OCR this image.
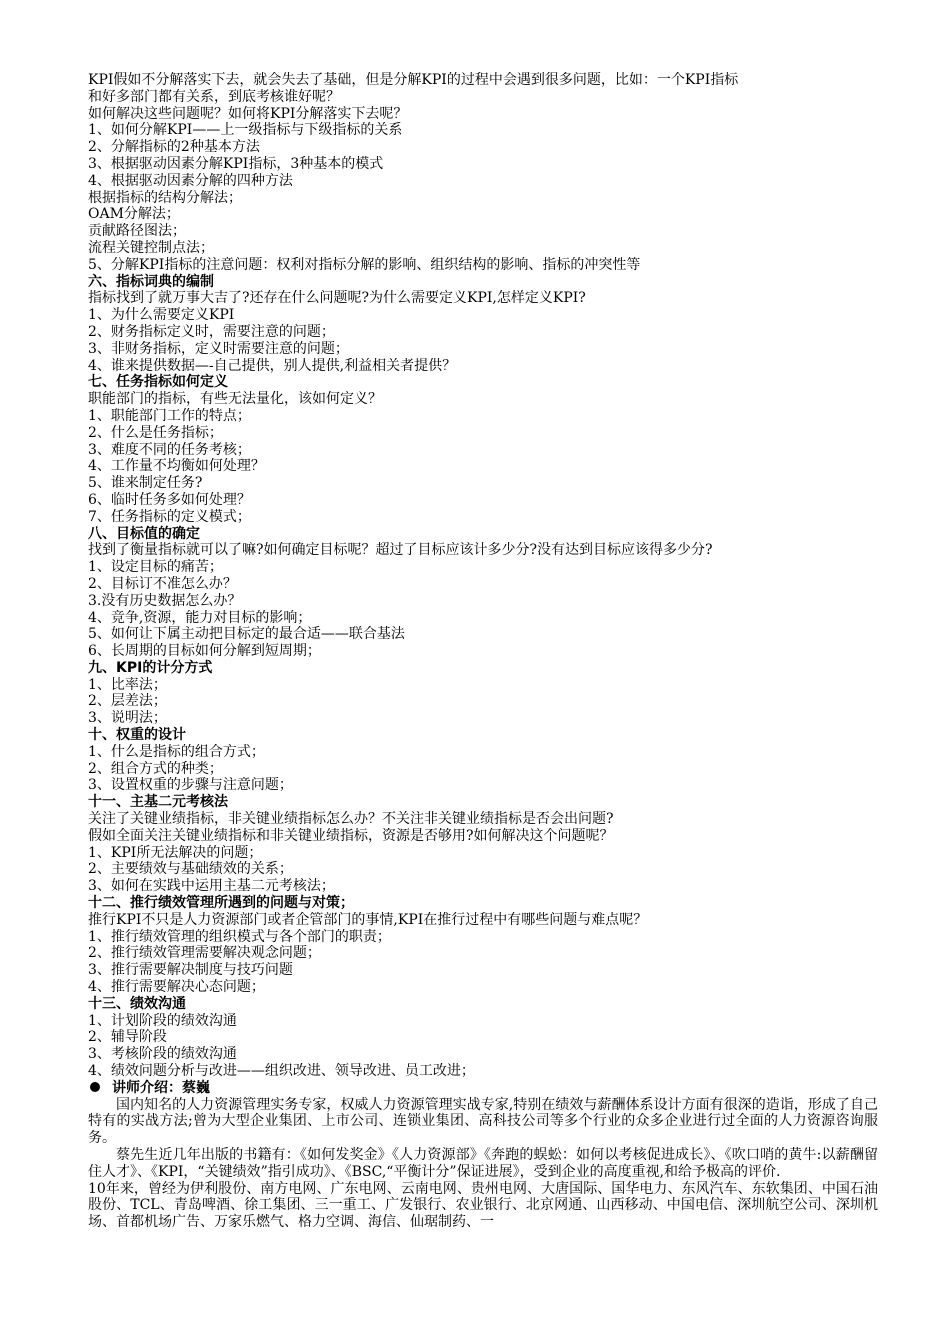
KPI假如不分解落实下去，就会失去了基础，但是分解KPI的过程中会遇到很多问题，比如：一个KPI指标
和好多部门都有关系，到底考核谁好呢？
如何解决这些问题呢？如何将KPI分解落实下去呢？
1、如何分解KPI——上一级指标与下级指标的关系
2、分解指标的2种基本方法
3、根据驱动因素分解KPI指标，3种基本的模式
4、根据驱动因素分解的四种方法
根据指标的结构分解法；
OAM分解法；
贡献路径图法；
流程关键控制点法；
5、分解KPI指标的注意问题：权利对指标分解的影响、组织结构的影响、指标的冲突性等
六、指标词典的编制
指标找到了就万事大吉了?还存在什么问题呢?为什么需要定义KPI,怎样定义KPI?
1、为什么需要定义KPI
2、财务指标定义时，需要注意的问题；
3、非财务指标，定义时需要注意的问题；
4、谁来提供数据—-自己提供，别人提供,利益相关者提供？
七、任务指标如何定义
职能部门的指标，有些无法量化，该如何定义？
1、职能部门工作的特点；
2、什么是任务指标；
3、难度不同的任务考核；
4、工作量不均衡如何处理？
5、谁来制定任务?
6、临时任务多如何处理？
7、任务指标的定义模式；
八、目标值的确定
找到了衡量指标就可以了嘛?如何确定目标呢？超过了目标应该计多少分?没有达到目标应该得多少分?
1、设定目标的痛苦；
2、目标订不准怎么办？
3.没有历史数据怎么办？
4、竞争,资源，能力对目标的影响；
5、如何让下属主动把目标定的最合适——联合基法
6、长周期的目标如何分解到短周期；
九、KPI的计分方式
1、比率法；
2、层差法；
3、说明法；
十、权重的设计
1、什么是指标的组合方式；
2、组合方式的种类；
3、设置权重的步骤与注意问题；
十一、主基二元考核法
关注了关键业绩指标，非关键业绩指标怎么办？不关注非关键业绩指标是否会出问题?
假如全面关注关键业绩指标和非关键业绩指标，资源是否够用?如何解决这个问题呢？
1、KPI所无法解决的问题；
2、主要绩效与基础绩效的关系；
3、如何在实践中运用主基二元考核法；
十二、推行绩效管理所遇到的问题与对策；
推行KPI不只是人力资源部门或者企管部门的事情,KPI在推行过程中有哪些问题与难点呢？
1、推行绩效管理的组织模式与各个部门的职责；
2、推行绩效管理需要解决观念问题；
3、推行需要解决制度与技巧问题
4、推行需要解决心态问题；
十三、绩效沟通
1、计划阶段的绩效沟通
2、辅导阶段
3、考核阶段的绩效沟通
4、绩效问题分析与改进——组织改进、领导改进、员工改进；
讲师介绍：蔡巍
国内知名的人力资源管理实务专家，权威人力资源管理实战专家,特别在绩效与薪酬体系设计方面有很深的造诣，形成了自己特有的实战方法;曾为大型企业集团、上市公司、连锁业集团、高科技公司等多个行业的众多企业进行过全面的人力资源咨询服务。
蔡先生近几年出版的书籍有：《如何发奖金》《人力资源部》《奔跑的蜈蚣：如何以考核促进成长》、《吹口哨的黄牛:以薪酬留住人才》、《KPI，“关键绩效”指引成功》、《BSC,“平衡计分”保证进展》，受到企业的高度重视,和给予极高的评价.
10年来，曾经为伊利股份、南方电网、广东电网、云南电网、贵州电网、大唐国际、国华电力、东风汽车、东软集团、中国石油股份、TCL、青岛啤酒、徐工集团、三一重工、广发银行、农业银行、北京网通、山西移动、中国电信、深圳航空公司、深圳机场、首都机场广告、万家乐燃气、格力空调、海信、仙琚制药、一
